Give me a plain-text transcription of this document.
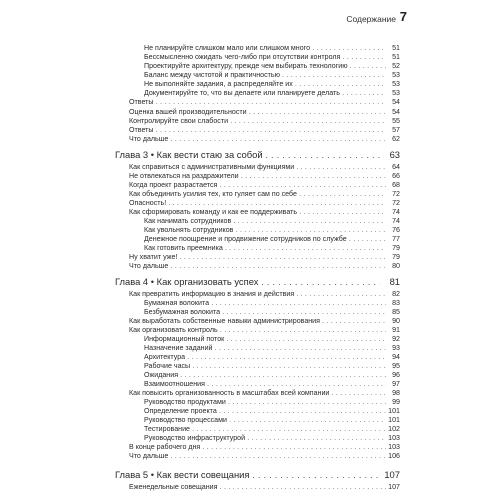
Содержание 7
Не планируйте слишком мало или слишком много . . .	51
Бессмысленно ожидать чего-либо при отсутствии контроля . . .	51
Проектируйте архитектуру, прежде чем выбирать технологию . . .	52
Баланс между чистотой и практичностью . . .	53
Не выполняйте задания, а распределяйте их . . .	53
Документируйте то, что вы делаете или планируете делать . . .	53
Ответы . . .	54
Оценка вашей производительности . . .	54
Контролируйте свои слабости . . .	55
Ответы . . .	57
Что дальше . . .	62
Глава 3 • Как вести стаю за собой . . .	63
Как справиться с административными функциями . . .	64
Не отвлекаться на раздражители . . .	66
Когда проект разрастается . . .	68
Как объединить усилия тех, кто гуляет сам по себе . . .	72
Опасность! . . .	72
Как сформировать команду и как ее поддерживать . . .	74
Как нанимать сотрудников . . .	74
Как увольнять сотрудников . . .	76
Денежное поощрение и продвижение сотрудников по службе . . .	77
Как готовить преемника . . .	79
Ну хватит уже! . . .	79
Что дальше . . .	80
Глава 4 • Как организовать успех . . .	81
Как превратить информацию в знания и действия . . .	82
Бумажная волокита . . .	83
Безбумажная волокита . . .	85
Как выработать собственные навыки администрирования . . .	90
Как организовать контроль . . .	91
Информационный поток . . .	92
Назначение заданий . . .	93
Архитектура . . .	94
Рабочие часы . . .	95
Ожидания . . .	96
Взаимоотношения . . .	97
Как повысить организованность в масштабах всей компании . . .	98
Руководство продуктами . . .	99
Определение проекта . . .	101
Руководство процессами . . .	101
Тестирование . . .	102
Руководство инфраструктурой . . .	103
В конце рабочего дня . . .	103
Что дальше . . .	106
Глава 5 • Как вести совещания . . .	107
Еженедельные совещания . . .	107
